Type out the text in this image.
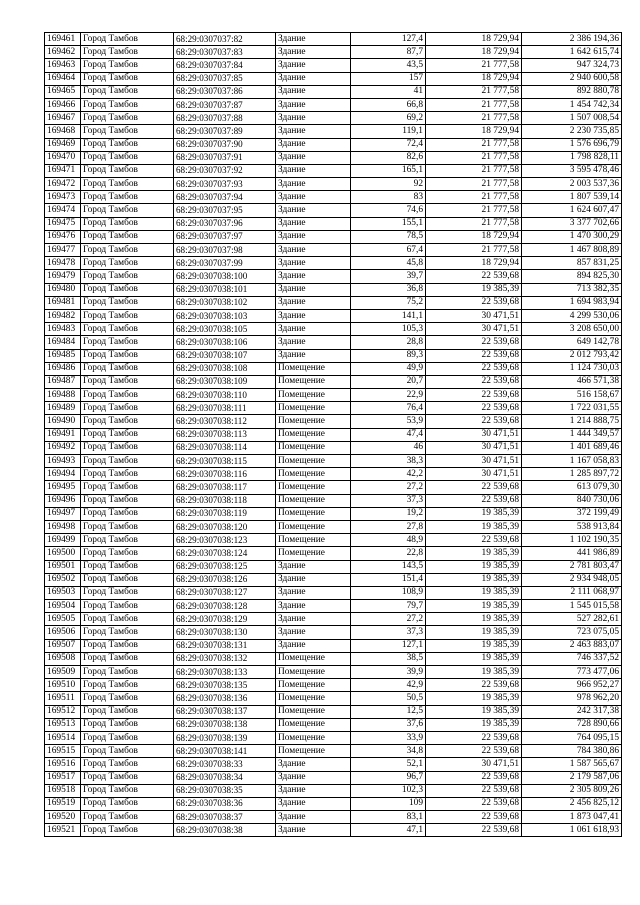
169461	Город Тамбов	68:29:0307037:82	Здание	127,4	18 729,94	2 386 194,36
169462	Город Тамбов	68:29:0307037:83	Здание	87,7	18 729,94	1 642 615,74
169463	Город Тамбов	68:29:0307037:84	Здание	43,5	21 777,58	947 324,73
169464	Город Тамбов	68:29:0307037:85	Здание	157	18 729,94	2 940 600,58
169465	Город Тамбов	68:29:0307037:86	Здание	41	21 777,58	892 880,78
169466	Город Тамбов	68:29:0307037:87	Здание	66,8	21 777,58	1 454 742,34
169467	Город Тамбов	68:29:0307037:88	Здание	69,2	21 777,58	1 507 008,54
169468	Город Тамбов	68:29:0307037:89	Здание	119,1	18 729,94	2 230 735,85
169469	Город Тамбов	68:29:0307037:90	Здание	72,4	21 777,58	1 576 696,79
169470	Город Тамбов	68:29:0307037:91	Здание	82,6	21 777,58	1 798 828,11
169471	Город Тамбов	68:29:0307037:92	Здание	165,1	21 777,58	3 595 478,46
169472	Город Тамбов	68:29:0307037:93	Здание	92	21 777,58	2 003 537,36
169473	Город Тамбов	68:29:0307037:94	Здание	83	21 777,58	1 807 539,14
169474	Город Тамбов	68:29:0307037:95	Здание	74,6	21 777,58	1 624 607,47
169475	Город Тамбов	68:29:0307037:96	Здание	155,1	21 777,58	3 377 702,66
169476	Город Тамбов	68:29:0307037:97	Здание	78,5	18 729,94	1 470 300,29
169477	Город Тамбов	68:29:0307037:98	Здание	67,4	21 777,58	1 467 808,89
169478	Город Тамбов	68:29:0307037:99	Здание	45,8	18 729,94	857 831,25
169479	Город Тамбов	68:29:0307038:100	Здание	39,7	22 539,68	894 825,30
169480	Город Тамбов	68:29:0307038:101	Здание	36,8	19 385,39	713 382,35
169481	Город Тамбов	68:29:0307038:102	Здание	75,2	22 539,68	1 694 983,94
169482	Город Тамбов	68:29:0307038:103	Здание	141,1	30 471,51	4 299 530,06
169483	Город Тамбов	68:29:0307038:105	Здание	105,3	30 471,51	3 208 650,00
169484	Город Тамбов	68:29:0307038:106	Здание	28,8	22 539,68	649 142,78
169485	Город Тамбов	68:29:0307038:107	Здание	89,3	22 539,68	2 012 793,42
169486	Город Тамбов	68:29:0307038:108	Помещение	49,9	22 539,68	1 124 730,03
169487	Город Тамбов	68:29:0307038:109	Помещение	20,7	22 539,68	466 571,38
169488	Город Тамбов	68:29:0307038:110	Помещение	22,9	22 539,68	516 158,67
169489	Город Тамбов	68:29:0307038:111	Помещение	76,4	22 539,68	1 722 031,55
169490	Город Тамбов	68:29:0307038:112	Помещение	53,9	22 539,68	1 214 888,75
169491	Город Тамбов	68:29:0307038:113	Помещение	47,4	30 471,51	1 444 349,57
169492	Город Тамбов	68:29:0307038:114	Помещение	46	30 471,51	1 401 689,46
169493	Город Тамбов	68:29:0307038:115	Помещение	38,3	30 471,51	1 167 058,83
169494	Город Тамбов	68:29:0307038:116	Помещение	42,2	30 471,51	1 285 897,72
169495	Город Тамбов	68:29:0307038:117	Помещение	27,2	22 539,68	613 079,30
169496	Город Тамбов	68:29:0307038:118	Помещение	37,3	22 539,68	840 730,06
169497	Город Тамбов	68:29:0307038:119	Помещение	19,2	19 385,39	372 199,49
169498	Город Тамбов	68:29:0307038:120	Помещение	27,8	19 385,39	538 913,84
169499	Город Тамбов	68:29:0307038:123	Помещение	48,9	22 539,68	1 102 190,35
169500	Город Тамбов	68:29:0307038:124	Помещение	22,8	19 385,39	441 986,89
169501	Город Тамбов	68:29:0307038:125	Здание	143,5	19 385,39	2 781 803,47
169502	Город Тамбов	68:29:0307038:126	Здание	151,4	19 385,39	2 934 948,05
169503	Город Тамбов	68:29:0307038:127	Здание	108,9	19 385,39	2 111 068,97
169504	Город Тамбов	68:29:0307038:128	Здание	79,7	19 385,39	1 545 015,58
169505	Город Тамбов	68:29:0307038:129	Здание	27,2	19 385,39	527 282,61
169506	Город Тамбов	68:29:0307038:130	Здание	37,3	19 385,39	723 075,05
169507	Город Тамбов	68:29:0307038:131	Здание	127,1	19 385,39	2 463 883,07
169508	Город Тамбов	68:29:0307038:132	Помещение	38,5	19 385,39	746 337,52
169509	Город Тамбов	68:29:0307038:133	Помещение	39,9	19 385,39	773 477,06
169510	Город Тамбов	68:29:0307038:135	Помещение	42,9	22 539,68	966 952,27
169511	Город Тамбов	68:29:0307038:136	Помещение	50,5	19 385,39	978 962,20
169512	Город Тамбов	68:29:0307038:137	Помещение	12,5	19 385,39	242 317,38
169513	Город Тамбов	68:29:0307038:138	Помещение	37,6	19 385,39	728 890,66
169514	Город Тамбов	68:29:0307038:139	Помещение	33,9	22 539,68	764 095,15
169515	Город Тамбов	68:29:0307038:141	Помещение	34,8	22 539,68	784 380,86
169516	Город Тамбов	68:29:0307038:33	Здание	52,1	30 471,51	1 587 565,67
169517	Город Тамбов	68:29:0307038:34	Здание	96,7	22 539,68	2 179 587,06
169518	Город Тамбов	68:29:0307038:35	Здание	102,3	22 539,68	2 305 809,26
169519	Город Тамбов	68:29:0307038:36	Здание	109	22 539,68	2 456 825,12
169520	Город Тамбов	68:29:0307038:37	Здание	83,1	22 539,68	1 873 047,41
169521	Город Тамбов	68:29:0307038:38	Здание	47,1	22 539,68	1 061 618,93
